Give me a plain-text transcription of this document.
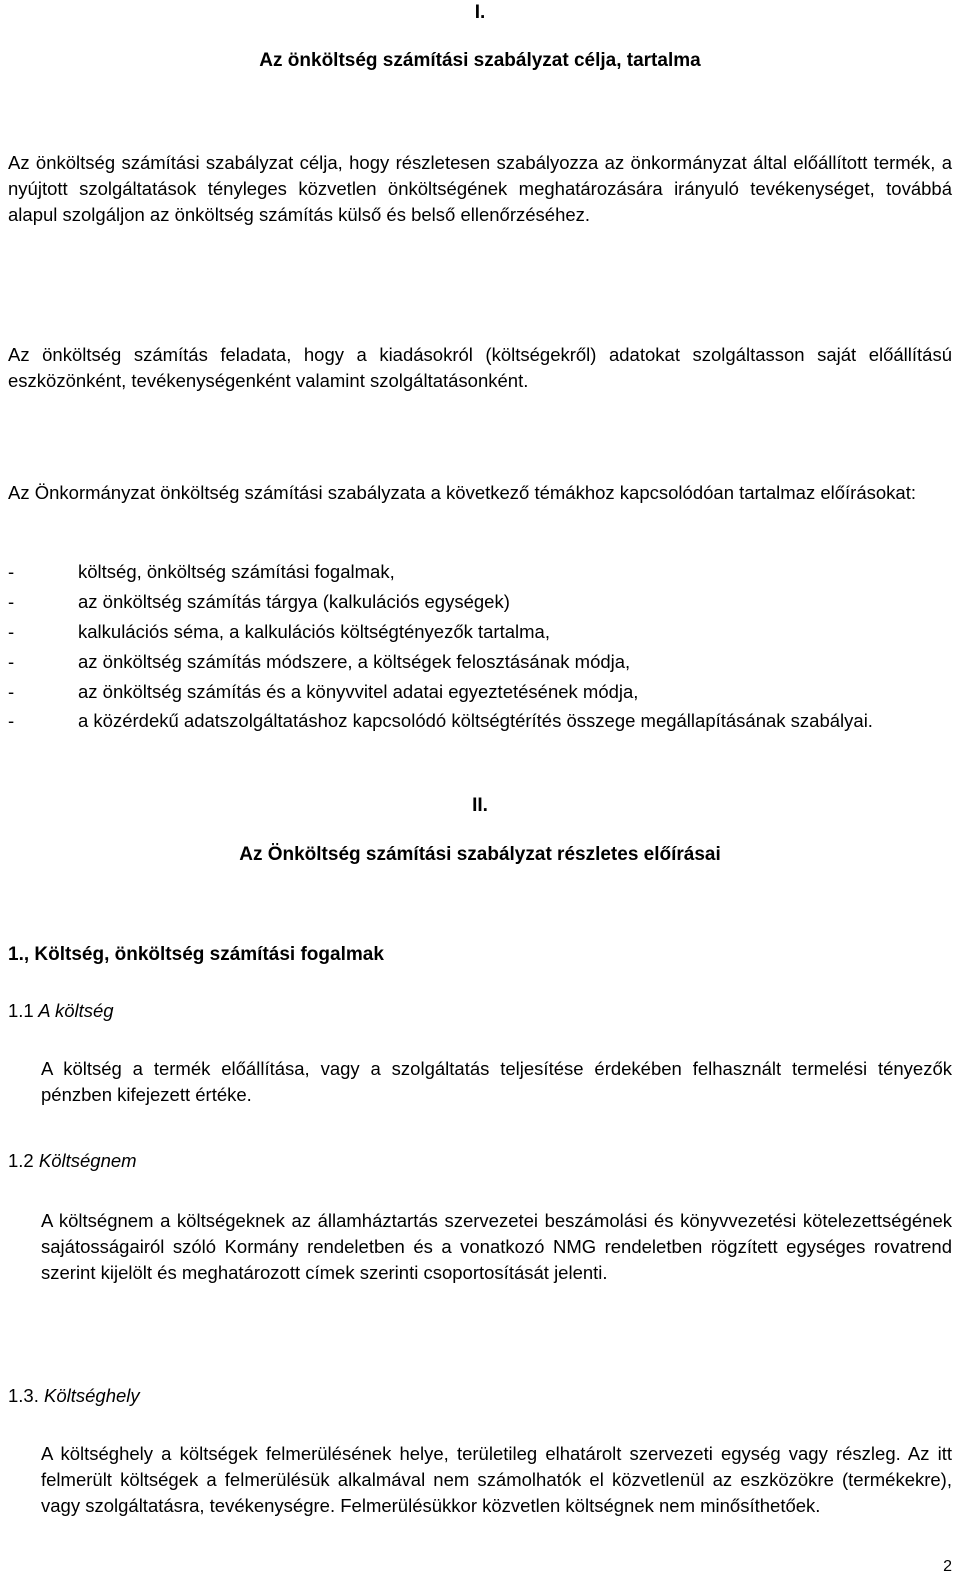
I.
Az önköltség számítási szabályzat célja, tartalma

Az önköltség számítási szabályzat célja, hogy részletesen szabályozza az önkormányzat által előállított termék, a nyújtott szolgáltatások tényleges közvetlen önköltségének meghatározására irányuló tevékenységet, továbbá alapul szolgáljon az önköltség számítás külső és belső ellenőrzéséhez.

Az önköltség számítás feladata, hogy a kiadásokról (költségekről) adatokat szolgáltasson saját előállítású eszközönként, tevékenységenként valamint szolgáltatásonként.

Az Önkormányzat önköltség számítási szabályzata a következő témákhoz kapcsolódóan tartalmaz előírásokat:

-	költség, önköltség számítási fogalmak,
-	az önköltség számítás tárgya (kalkulációs egységek)
-	kalkulációs séma, a kalkulációs költségtényezők tartalma,
-	az önköltség számítás módszere, a költségek felosztásának módja,
-	az önköltség számítás és a könyvvitel adatai egyeztetésének módja,
-	a közérdekű adatszolgáltatáshoz kapcsolódó költségtérítés összege megállapításának szabályai.
II.
Az Önköltség számítási szabályzat részletes előírásai
1., Költség, önköltség számítási fogalmak
1.1 A költség

A költség a termék előállítása, vagy a szolgáltatás teljesítése érdekében felhasznált termelési tényezők pénzben kifejezett értéke.

1.2 Költségnem

A költségnem a költségeknek az államháztartás szervezetei beszámolási és könyvvezetési kötelezettségének sajátosságairól szóló Kormány rendeletben és a vonatkozó NMG rendeletben rögzített egységes rovatrend szerint kijelölt és meghatározott címek szerinti csoportosítását jelenti.

1.3. Költséghely

A költséghely a költségek felmerülésének helye, területileg elhatárolt szervezeti egység vagy részleg. Az itt felmerült költségek a felmerülésük alkalmával nem számolhatók el közvetlenül az eszközökre (termékekre), vagy szolgáltatásra, tevékenységre. Felmerülésükkor közvetlen költségnek nem minősíthetőek.

2
